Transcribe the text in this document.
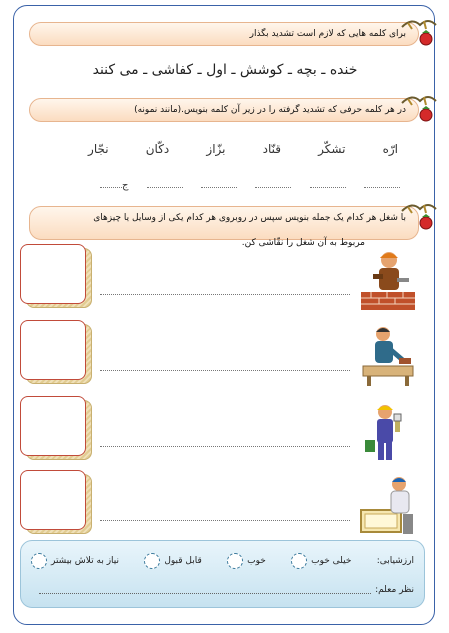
برای کلمه هایی که لازم است تشدید بگذار
خنده ـ بچه ـ کوشش ـ اول ـ کفاشی ـ می کنند
در هر کلمه حرفی که تشدید گرفته را در زیر آن کلمه بنویس.(مانند نمونه)
نجّار	دکّان	بزّاز	قنّاد	تشکّر	ارّه
ج
با شغل هر کدام یک جمله بنویس سپس در روبروی هر کدام یکی از وسایل یا چیزهای
مربوط به آن شغل را نقّاشی کن.
ارزشیابی:
خیلی خوب
خوب
قابل قبول
نیاز به تلاش بیشتر
نظر معلم:
